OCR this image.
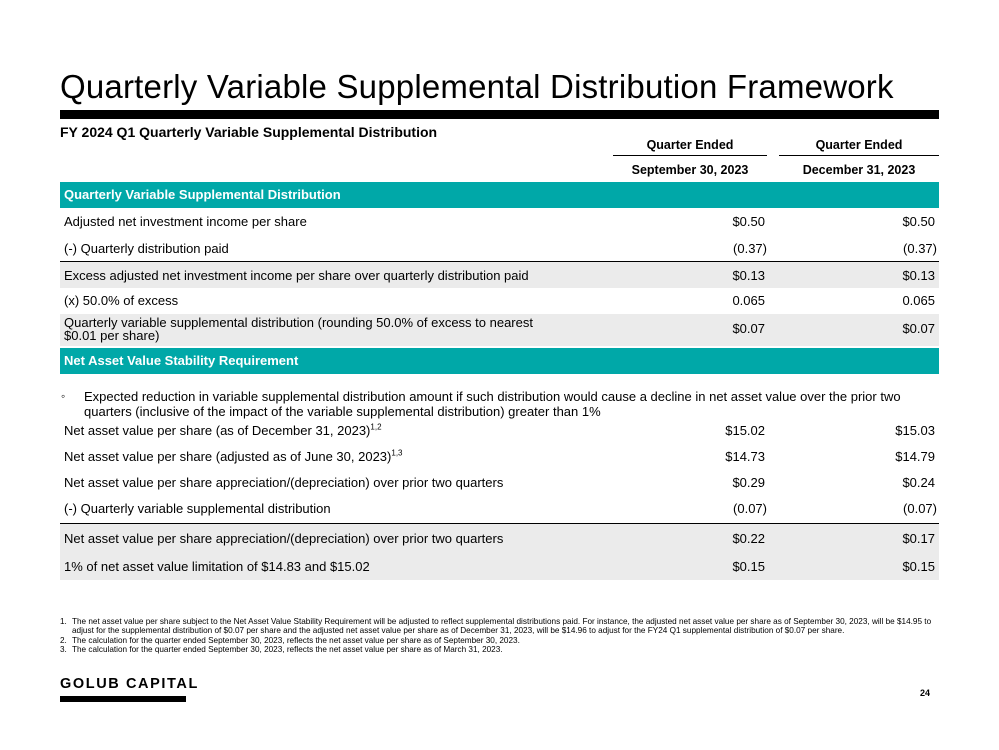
Quarterly Variable Supplemental Distribution Framework
FY 2024 Q1 Quarterly Variable Supplemental Distribution
Quarter Ended
September 30, 2023
Quarter Ended
December 31, 2023
Quarterly Variable Supplemental Distribution
Adjusted net investment income per share	$0.50	$0.50
(-) Quarterly distribution paid	(0.37)	(0.37)
Excess adjusted net investment income per share over quarterly distribution paid	$0.13	$0.13
(x) 50.0% of excess	0.065	0.065
Quarterly variable supplemental distribution (rounding 50.0% of excess to nearest
$0.01 per share)	$0.07	$0.07
Net Asset Value Stability Requirement
◦ Expected reduction in variable supplemental distribution amount if such distribution would cause a decline in net asset value over the prior two quarters (inclusive of the impact of the variable supplemental distribution) greater than 1%
Net asset value per share (as of December 31, 2023)$^{1,2}$	$15.02	$15.03
Net asset value per share (adjusted as of June 30, 2023)$^{1,3}$	$14.73	$14.79
Net asset value per share appreciation/(depreciation) over prior two quarters	$0.29	$0.24
(-) Quarterly variable supplemental distribution	(0.07)	(0.07)
Net asset value per share appreciation/(depreciation) over prior two quarters	$0.22	$0.17
1% of net asset value limitation of $14.83 and $15.02	$0.15	$0.15
1. The net asset value per share subject to the Net Asset Value Stability Requirement will be adjusted to reflect supplemental distributions paid. For instance, the adjusted net asset value per share as of September 30, 2023, will be $14.95 to adjust for the supplemental distribution of $0.07 per share and the adjusted net asset value per share as of December 31, 2023, will be $14.96 to adjust for the FY24 Q1 supplemental distribution of $0.07 per share.
2. The calculation for the quarter ended September 30, 2023, reflects the net asset value per share as of September 30, 2023.
3. The calculation for the quarter ended September 30, 2023, reflects the net asset value per share as of March 31, 2023.
GOLUB CAPITAL
24
